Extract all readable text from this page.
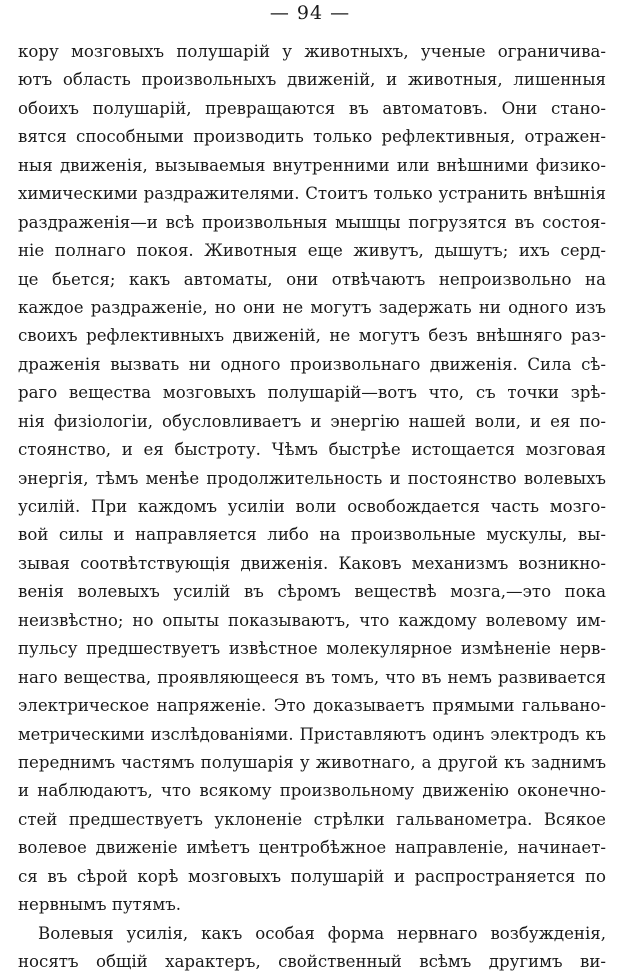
— 94 —
кору мозговыхъ полушарій у животныхъ, ученые ограничива-
ютъ область произвольныхъ движеній, и животныя, лишенныя
обоихъ полушарій, превращаются въ автоматовъ. Они стано-
вятся способными производить только рефлективныя, отражен-
ныя движенія, вызываемыя внутренними или внѣшними физико-
химическими раздражителями. Стоитъ только устранить внѣшнія
раздраженія—и всѣ произвольныя мышцы погрузятся въ состоя-
ніе полнаго покоя. Животныя еще живутъ, дышутъ; ихъ серд-
це бьется; какъ автоматы, они отвѣчаютъ непроизвольно на
каждое раздраженіе, но они не могутъ задержать ни одного изъ
своихъ рефлективныхъ движеній, не могутъ безъ внѣшняго раз-
драженія вызвать ни одного произвольнаго движенія. Сила сѣ-
раго вещества мозговыхъ полушарій—вотъ что, съ точки зрѣ-
нія физіологіи, обусловливаетъ и энергію нашей воли, и ея по-
стоянство, и ея быстроту. Чѣмъ быстрѣе истощается мозговая
энергія, тѣмъ менѣе продолжительность и постоянство волевыхъ
усилій. При каждомъ усиліи воли освобождается часть мозго-
вой силы и направляется либо на произвольные мускулы, вы-
зывая соотвѣтствующія движенія. Каковъ механизмъ возникно-
венія волевыхъ усилій въ сѣромъ веществѣ мозга,—это пока
неизвѣстно; но опыты показываютъ, что каждому волевому им-
пульсу предшествуетъ извѣстное молекулярное измѣненіе нерв-
наго вещества, проявляющееся въ томъ, что въ немъ развивается
электрическое напряженіе. Это доказываетъ прямыми гальвано-
метрическими изслѣдованіями. Приставляютъ одинъ электродъ къ
переднимъ частямъ полушарія у животнаго, а другой къ заднимъ
и наблюдаютъ, что всякому произвольному движенію оконечно-
стей предшествуетъ уклоненіе стрѣлки гальванометра. Всякое
волевое движеніе имѣетъ центробѣжное направленіе, начинает-
ся въ сѣрой корѣ мозговыхъ полушарій и распространяется по
нервнымъ путямъ.
Волевыя усилія, какъ особая форма нервнаго возбужденія,
носятъ общій характеръ, свойственный всѣмъ другимъ ви-
